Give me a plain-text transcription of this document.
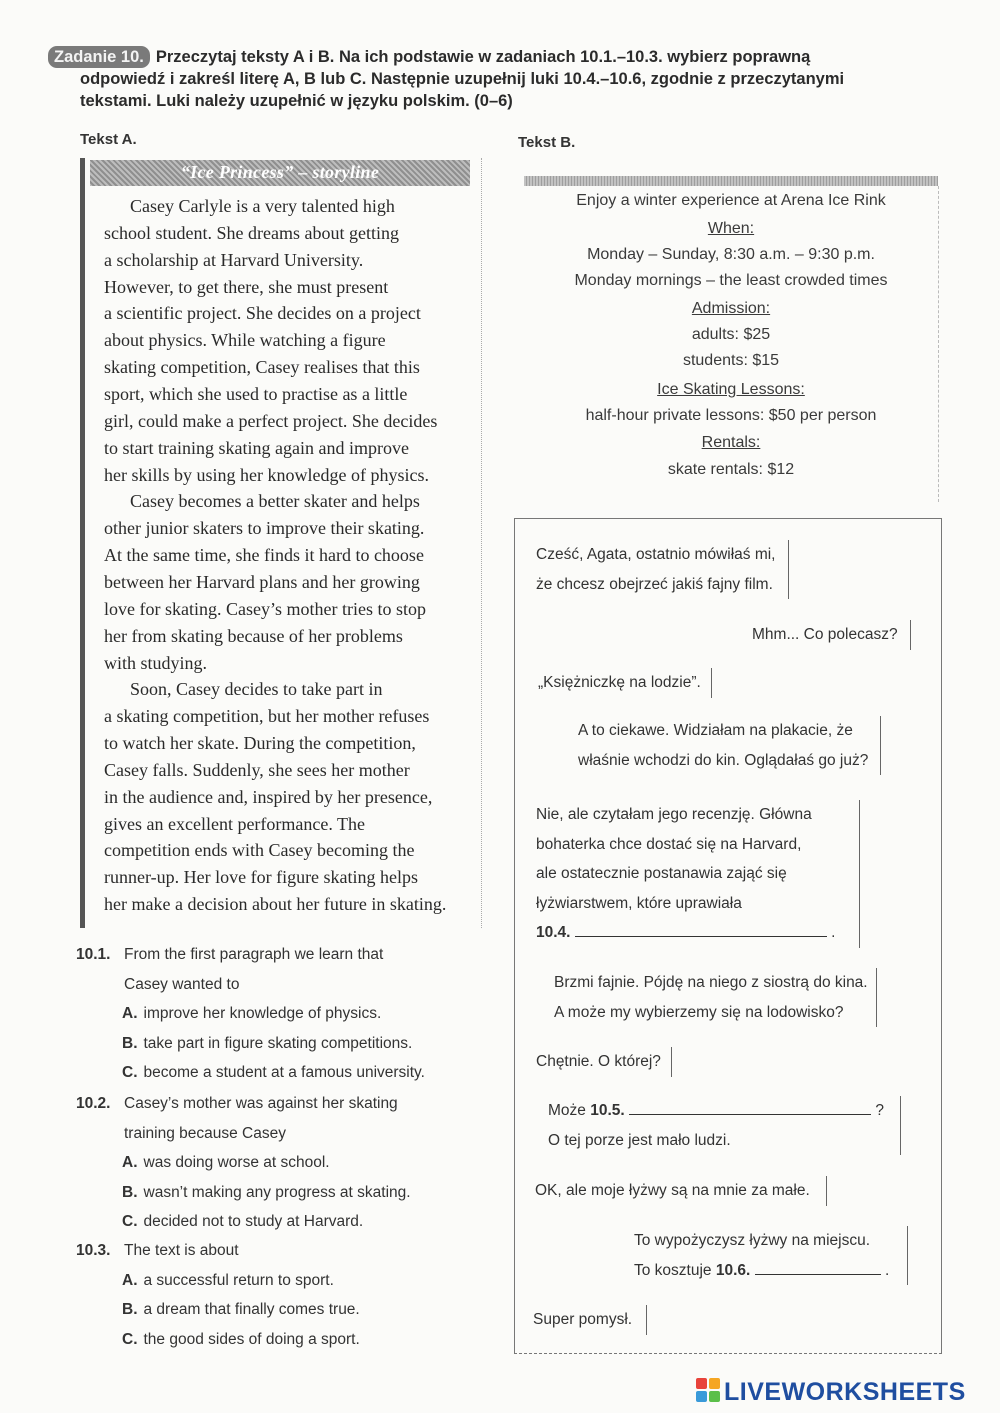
Zadanie 10. Przeczytaj teksty A i B. Na ich podstawie w zadaniach 10.1.–10.3. wybierz poprawną
odpowiedź i zakreśl literę A, B lub C. Następnie uzupełnij luki 10.4.–10.6, zgodnie z przeczytanymi
tekstami. Luki należy uzupełnić w języku polskim. (0–6)
Tekst A.
“Ice Princess” – storyline
Casey Carlyle is a very talented high
school student. She dreams about getting
a scholarship at Harvard University.
However, to get there, she must present
a scientific project. She decides on a project
about physics. While watching a figure
skating competition, Casey realises that this
sport, which she used to practise as a little
girl, could make a perfect project. She decides
to start training skating again and improve
her skills by using her knowledge of physics.
Casey becomes a better skater and helps
other junior skaters to improve their skating.
At the same time, she finds it hard to choose
between her Harvard plans and her growing
love for skating. Casey’s mother tries to stop
her from skating because of her problems
with studying.
Soon, Casey decides to take part in
a skating competition, but her mother refuses
to watch her skate. During the competition,
Casey falls. Suddenly, she sees her mother
in the audience and, inspired by her presence,
gives an excellent performance. The
competition ends with Casey becoming the
runner-up. Her love for figure skating helps
her make a decision about her future in skating.
10.1. From the first paragraph we learn that
Casey wanted to
A. improve her knowledge of physics.
B. take part in figure skating competitions.
C. become a student at a famous university.
10.2. Casey’s mother was against her skating
training because Casey
A. was doing worse at school.
B. wasn’t making any progress at skating.
C. decided not to study at Harvard.
10.3. The text is about
A. a successful return to sport.
B. a dream that finally comes true.
C. the good sides of doing a sport.
Tekst B.
Enjoy a winter experience at Arena Ice Rink
When:
Monday – Sunday, 8:30 a.m. – 9:30 p.m.
Monday mornings – the least crowded times
Admission:
adults: $25
students: $15
Ice Skating Lessons:
half-hour private lessons: $50 per person
Rentals:
skate rentals: $12
Cześć, Agata, ostatnio mówiłaś mi,
że chcesz obejrzeć jakiś fajny film.
Mhm... Co polecasz?
„Księżniczkę na lodzie”.
A to ciekawe. Widziałam na plakacie, że
właśnie wchodzi do kin. Oglądałaś go już?
Nie, ale czytałam jego recenzję. Główna
bohaterka chce dostać się na Harvard,
ale ostatecznie postanawia zająć się
łyżwiarstwem, które uprawiała
10.4.	.
Brzmi fajnie. Pójdę na niego z siostrą do kina.
A może my wybierzemy się na lodowisko?
Chętnie. O której?
Może 10.5.	?
O tej porze jest mało ludzi.
OK, ale moje łyżwy są na mnie za małe.
To wypożyczysz łyżwy na miejscu.
To kosztuje 10.6.	.
Super pomysł.
LIVEWORKSHEETS
